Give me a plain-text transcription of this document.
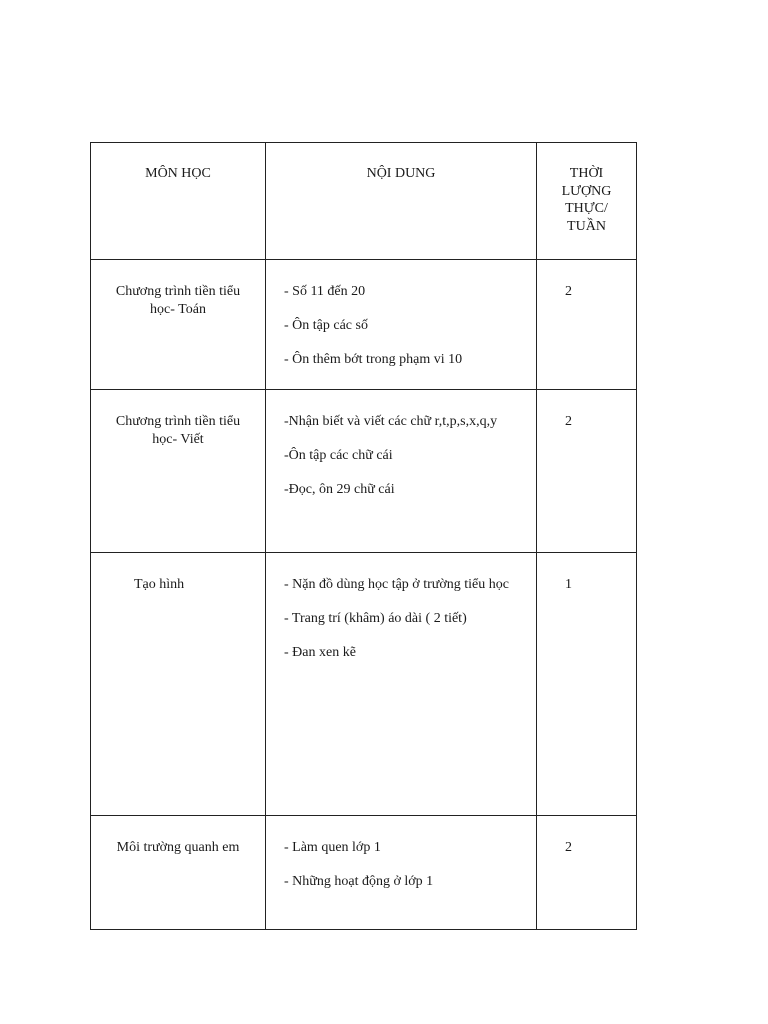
MÔN HỌC	NỘI DUNG	THỜI
LƯỢNG
THỰC/
TUẦN

Chương trình tiền tiểu học- Toán	- Số 11 đến 20
- Ôn tập các số
- Ôn thêm bớt trong phạm vi 10	2

Chương trình tiền tiểu học- Viết	-Nhận biết và viết các chữ r,t,p,s,x,q,y
-Ôn tập các chữ cái
-Đọc, ôn 29 chữ cái	2

Tạo hình	- Nặn đồ dùng học tập ở trường tiểu học
- Trang trí (khâm) áo dài ( 2 tiết)
- Đan xen kẽ	1

Môi trường quanh em	- Làm quen lớp 1
- Những hoạt động ở lớp 1	2
